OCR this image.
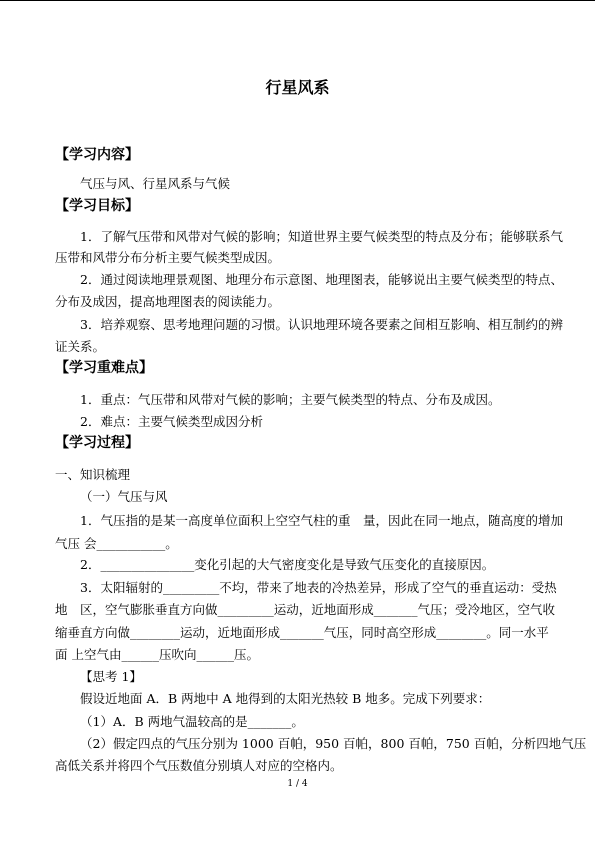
行星风系
【学习内容】
气压与风、行星风系与气候
【学习目标】
1．了解气压带和风带对气候的影响；知道世界主要气候类型的特点及分布；能够联系气
压带和风带分布分析主要气候类型成因。
2．通过阅读地理景观图、地理分布示意图、地理图表，能够说出主要气候类型的特点、
分布及成因，提高地理图表的阅读能力。
3．培养观察、思考地理问题的习惯。认识地理环境各要素之间相互影响、相互制约的辨
证关系。
【学习重难点】
1．重点：气压带和风带对气候的影响；主要气候类型的特点、分布及成因。
2．难点：主要气候类型成因分析
【学习过程】
一、知识梳理
（一）气压与风
1．气压指的是某一高度单位面积上空空气柱的重　量，因此在同一地点，随高度的增加
气压 会___________。
2．_______________变化引起的大气密度变化是导致气压变化的直接原因。
3．太阳辐射的_________不均，带来了地表的冷热差异，形成了空气的垂直运动：受热
地　区，空气膨胀垂直方向做_________运动，近地面形成_______气压；受冷地区，空气收
缩垂直方向做________运动，近地面形成_______气压，同时高空形成________。同一水平
面 上空气由______压吹向______压。
【思考 1】
假设近地面 A．B 两地中 A 地得到的太阳光热较 B 地多。完成下列要求：
（1）A．B 两地气温较高的是_______。
（2）假定四点的气压分别为 1000 百帕，950 百帕，800 百帕，750 百帕，分析四地气压
高低关系并将四个气压数值分别填人对应的空格内。
1 / 4
